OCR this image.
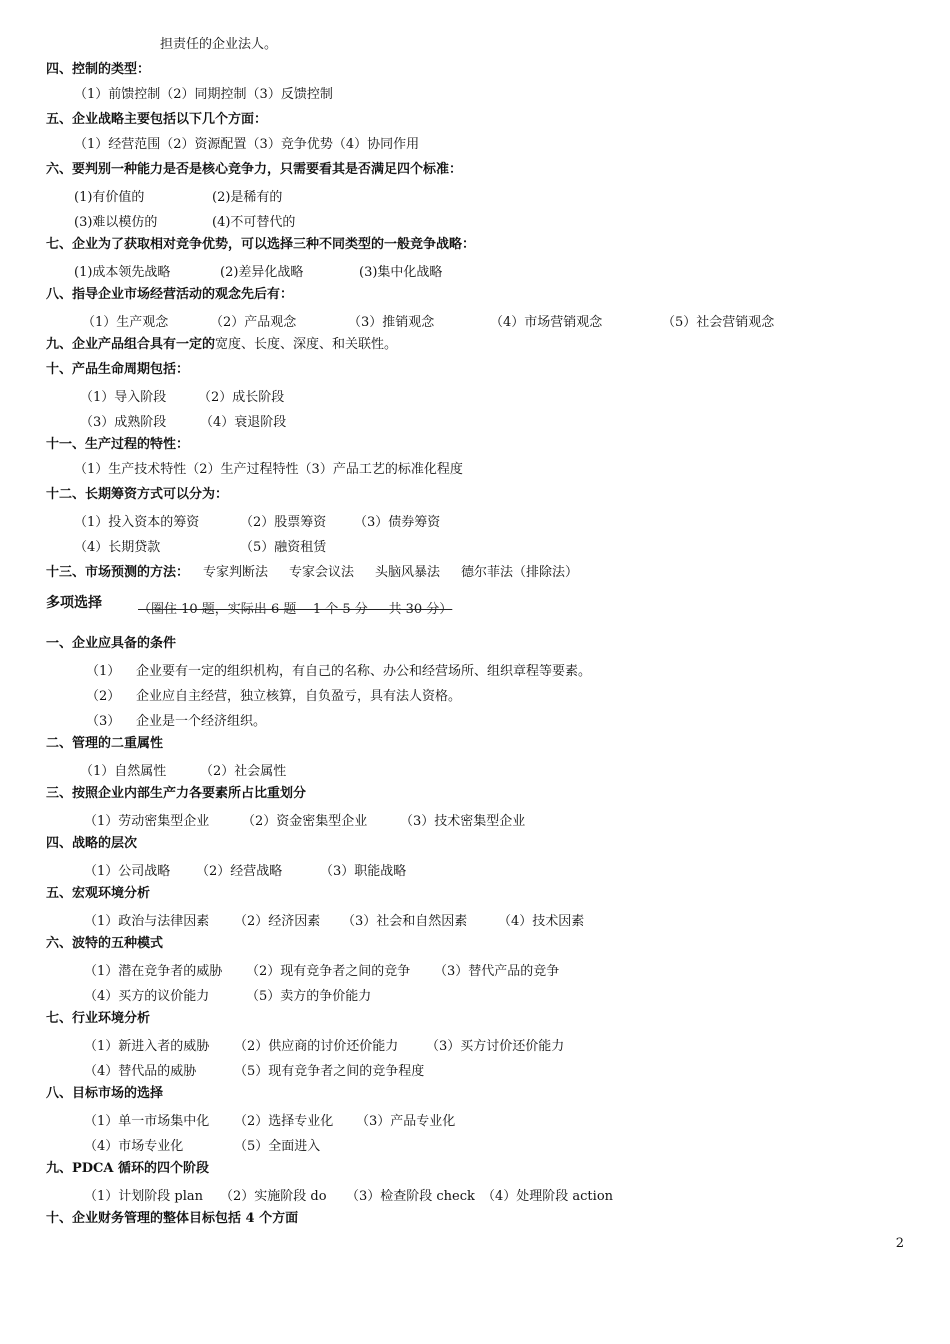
担责任的企业法人。
四、控制的类型：
（1）前馈控制（2）同期控制（3）反馈控制
五、企业战略主要包括以下几个方面：
（1）经营范围（2）资源配置（3）竞争优势（4）协同作用
六、要判别一种能力是否是核心竞争力，只需要看其是否满足四个标准：
(1)有价值的	(2)是稀有的
(3)难以模仿的	(4)不可替代的
七、企业为了获取相对竞争优势，可以选择三种不同类型的一般竞争战略：
(1)成本领先战略	(2)差异化战略	(3)集中化战略
八、指导企业市场经营活动的观念先后有：
（1）生产观念	（2）产品观念	（3）推销观念	（4）市场营销观念	（5）社会营销观念
九、企业产品组合具有一定的宽度、长度、深度、和关联性。
十、产品生命周期包括：
（1）导入阶段 （2）成长阶段
（3）成熟阶段	（4）衰退阶段
十一、生产过程的特性：
（1）生产技术特性（2）生产过程特性（3）产品工艺的标准化程度
十二、长期筹资方式可以分为：
（1）投入资本的筹资	（2）股票筹资 （3）债券筹资
（4）长期贷款	（5）融资租赁
十三、市场预测的方法： 专家判断法 专家会议法 头脑风暴法 德尔菲法（排除法）
多项选择	（圈住 10 题，实际出 6 题    1 个 5 分     共 30 分）
一、企业应具备的条件
（1） 企业要有一定的组织机构，有自己的名称、办公和经营场所、组织章程等要素。
（2） 企业应自主经营，独立核算，自负盈亏，具有法人资格。
（3） 企业是一个经济组织。
二、管理的二重属性
（1）自然属性	（2）社会属性
三、按照企业内部生产力各要素所占比重划分
（1）劳动密集型企业	（2）资金密集型企业	（3）技术密集型企业
四、战略的层次
（1）公司战略 （2）经营战略	（3）职能战略
五、宏观环境分析
（1）政治与法律因素 （2）经济因素 （3）社会和自然因素 （4）技术因素
六、波特的五种模式
（1）潜在竞争者的威胁 （2）现有竞争者之间的竞争 （3）替代产品的竞争
（4）买方的议价能力	（5）卖方的争价能力
七、行业环境分析
（1）新进入者的威胁 （2）供应商的讨价还价能力 （3）买方讨价还价能力
（4）替代品的威胁	（5）现有竞争者之间的竞争程度
八、目标市场的选择
（1）单一市场集中化 （2）选择专业化 （3）产品专业化
（4）市场专业化	（5）全面进入
九、PDCA 循环的四个阶段
（1）计划阶段 plan （2）实施阶段 do （3）检查阶段 check （4）处理阶段 action
十、企业财务管理的整体目标包括 4 个方面
2
